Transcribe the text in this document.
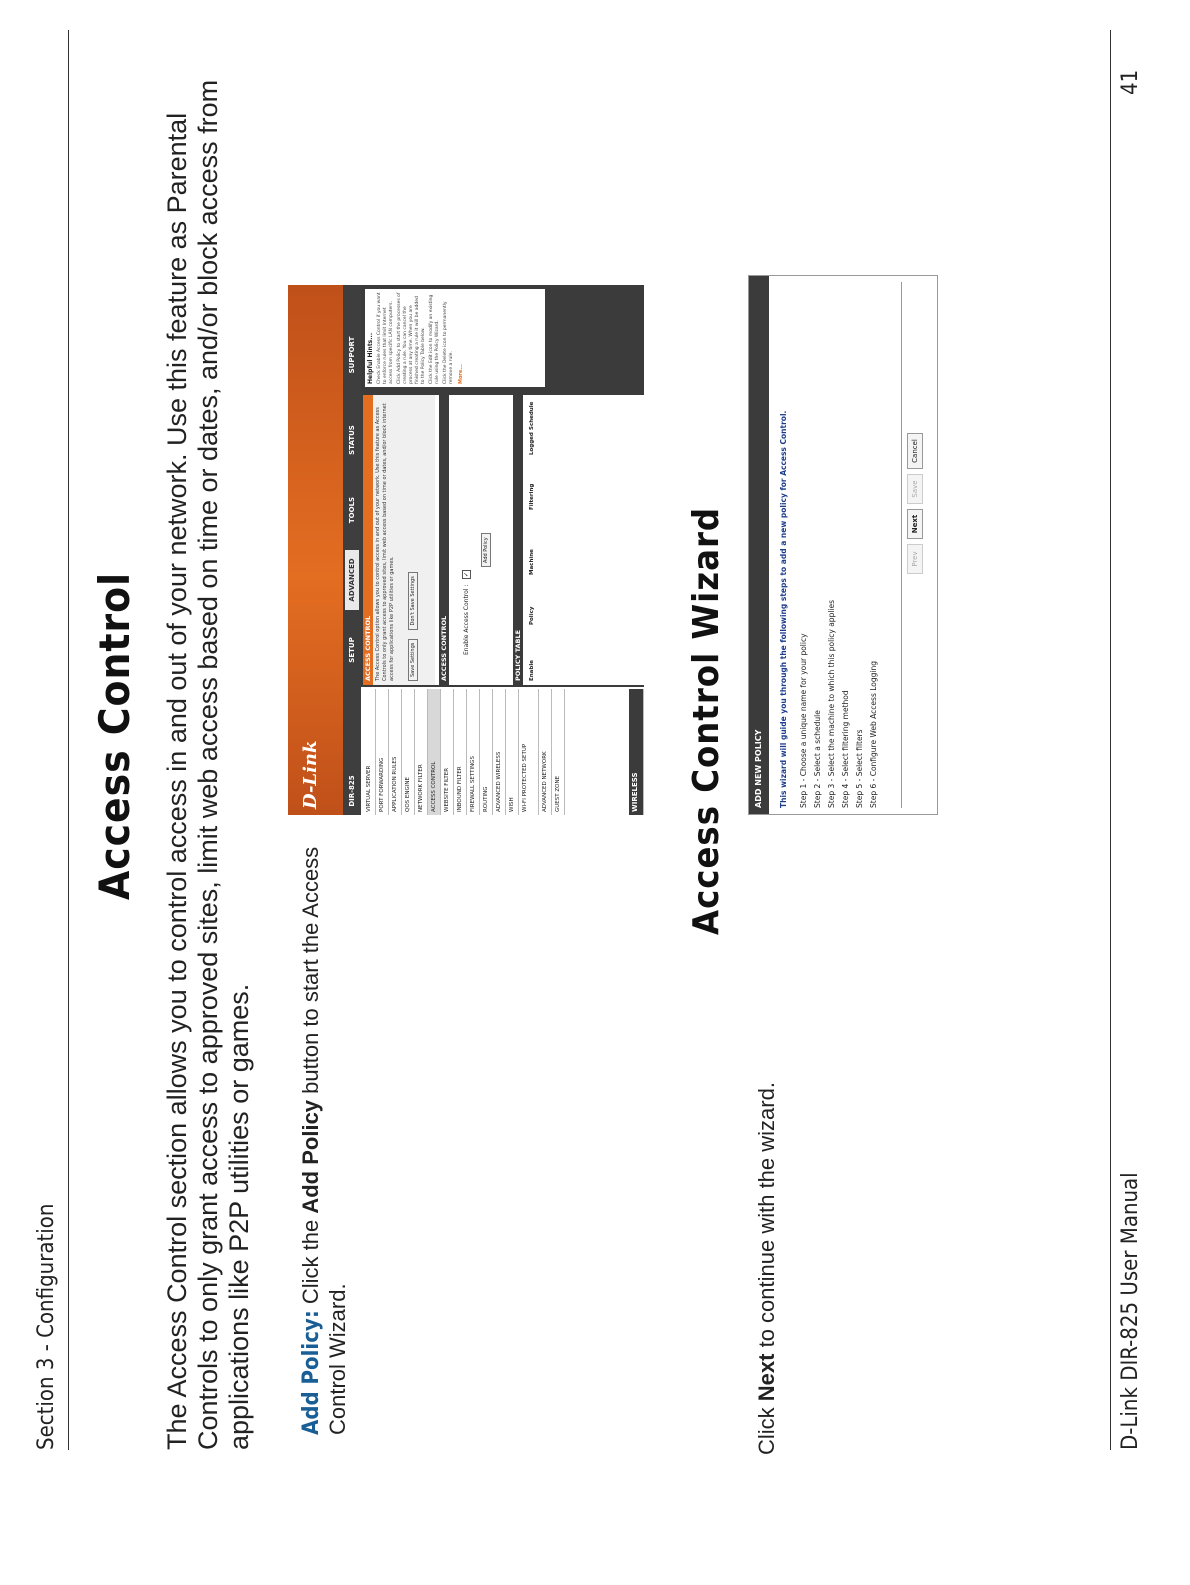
Section 3 - Configuration
Access Control The Access Control section allows you to control access in and out of your network. Use this feature as Parental Controls to only grant access to approved sites, limit web access based on time or dates, and/or block access from applications like P2P utilities or games. Add Policy: Click the Add Policy button to start the Access Control Wizard.
D-Link	DIR-825
SETUP
ADVANCED
TOOLS
STATUS
SUPPORT
VIRTUAL SERVER	PORT FORWARDING	APPLICATION RULES	QOS ENGINE	NETWORK FILTER	ACCESS CONTROL	WEBSITE FILTER	INBOUND FILTER	FIREWALL SETTINGS	ROUTING	ADVANCED WIRELESS	WISH	WI-FI PROTECTED SETUP	ADVANCED NETWORK	GUEST ZONE	WIRELESS
ACCESS CONTROL The Access Control option allows you to control access in and out of your network. Use this feature as Access Controls to only grant access to approved sites, limit web access based on time or dates, and/or block internet access for applications like P2P utilities or games.	Save Settings Don't Save Settings
ACCESS CONTROL	Enable Access Control :
✓
Add Policy
POLICY TABLE Enable
Policy
Machine
Filtering
Logged
Schedule
Helpful Hints... Check Enable Access Control if you want to enforce rules that limit Internet access from specific LAN computers. Click Add Policy to start the processes of creating a rule. You can cancel the process at any time. When you are finished creating a rule it will be added to the Policy Table below. Click the Edit icon to modify an existing rule using the Policy Wizard. Click the Delete icon to permanently remove a rule. More...
Access Control Wizard	ADD NEW POLICY	This wizard will guide you through the following steps to add a new policy for Access Control. Step 1 - Choose a unique name for your policy Step 2 - Select a schedule Step 3 - Select the machine to which this policy applies Step 4 - Select filtering method Step 5 - Select filters Step 6 - Configure Web Access Logging
Prev
Next
Save
Cancel
Click Next to continue with the wizard.	D-Link DIR-825 User Manual
41
